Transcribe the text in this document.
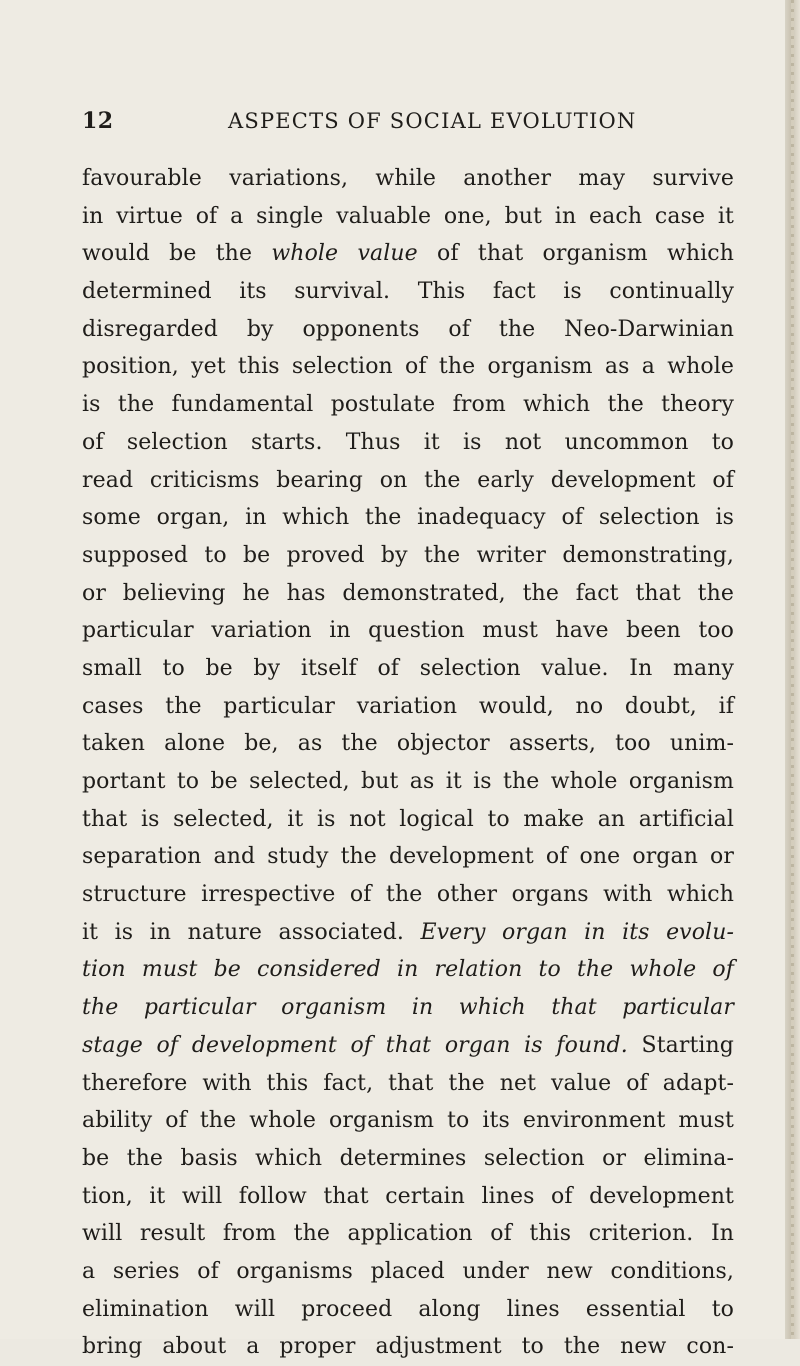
12	ASPECTS OF SOCIAL EVOLUTION
favourable variations, while another may survive
in virtue of a single valuable one, but in each case it
would be the whole value of that organism which
determined its survival. This fact is continually
disregarded by opponents of the Neo-Darwinian
position, yet this selection of the organism as a whole
is the fundamental postulate from which the theory
of selection starts. Thus it is not uncommon to
read criticisms bearing on the early development of
some organ, in which the inadequacy of selection is
supposed to be proved by the writer demonstrating,
or believing he has demonstrated, the fact that the
particular variation in question must have been too
small to be by itself of selection value. In many
cases the particular variation would, no doubt, if
taken alone be, as the objector asserts, too unim-
portant to be selected, but as it is the whole organism
that is selected, it is not logical to make an artificial
separation and study the development of one organ or
structure irrespective of the other organs with which
it is in nature associated. Every organ in its evolu-
tion must be considered in relation to the whole of
the particular organism in which that particular
stage of development of that organ is found. Starting
therefore with this fact, that the net value of adapt-
ability of the whole organism to its environment must
be the basis which determines selection or elimina-
tion, it will follow that certain lines of development
will result from the application of this criterion. In
a series of organisms placed under new conditions,
elimination will proceed along lines essential to
bring about a proper adjustment to the new con-
